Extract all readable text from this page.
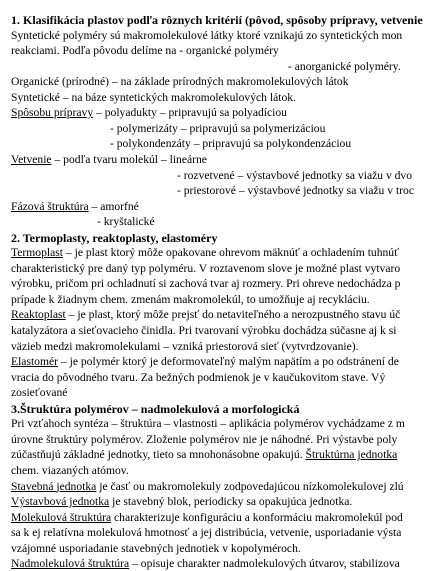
1. Klasifikácia plastov podľa rôznych kritérií (pôvod, spôsoby prípravy, vetvenie
Syntetické polyméry sú makromolekulové látky ktoré vznikajú zo syntetických mon
reakciami. Podľa pôvodu delíme na - organické polyméry
- anorganické polyméry.
Organické (prírodné) – na základe prírodných makromolekulových látok
Syntetické – na báze syntetických makromolekulových látok.
Spôsobu prípravy – polyadukty – pripravujú sa polyadíciou
- polymerizáty – pripravujú sa polymerizáciou
- polykondenzáty – pripravujú sa polykondenzáciou
Vetvenie – podľa tvaru molekúl – lineárne
- rozvetvené – výstavbové jednotky sa viažu v dvo
- priestorové – výstavbové jednotky sa viažu v troc
Fázová štruktúra – amorfné
- kryštalické
2. Termoplasty, reaktoplasty, elastoméry
Termoplast – je plast ktorý môže opakovane ohrevom mäknúť a ochladením tuhnúť
charakteristický pre daný typ polyméru. V roztavenom slove je možné plast vytvaro
výrobku, pričom pri ochladnutí si zachová tvar aj rozmery. Pri ohreve nedochádza p
prípade k žiadnym chem. zmenám makromolekúl, to umožňuje aj recykláciu.
Reaktoplast – je plast, ktorý môže prejsť do netaviteľného a nerozpustného stavu úč
katalyzátora a sieťovacieho činidla. Pri tvarovaní výrobku dochádza súčasne aj k si
väzieb medzi makromolekulami – vzniká priestorová sieť (vytvrdzovanie).
Elastomér – je polymér ktorý je deformovateľný malým napätím a po odstránení de
vracia do pôvodného tvaru. Za bežných podmienok je v kaučukovitom stave. Vý
zosieťované
3.Štruktúra polymérov – nadmolekulová a morfologická
Pri vzťahoch syntéza – štruktúra – vlastnosti – aplikácia polymérov vychádzame z m
úrovne štruktúry polymérov. Zloženie polymérov nie je náhodné. Pri výstavbe poly
zúčastňujú základné jednotky, tieto sa mnohonásobne opakujú. Štruktúrna jednotka
chem. viazaných atómov.
Stavebná jednotka je časť ou makromolekuly zodpovedajúcou nízkomolekulovej zlú
Výstavbová jednotka je stavebný blok, periodicky sa opakujúca jednotka.
Molekulová štruktúra charakterizuje konfiguráciu a konformáciu makromolekúl pod
sa k ej relatívna molekulová hmotnosť a jej distribúcia, vetvenie, usporiadanie výsta
vzájomné usporiadanie stavebných jednotiek v kopolyméroch.
Nadmolekulová štruktúra – opisuje charakter nadmolekulových útvarov, stabilizova
